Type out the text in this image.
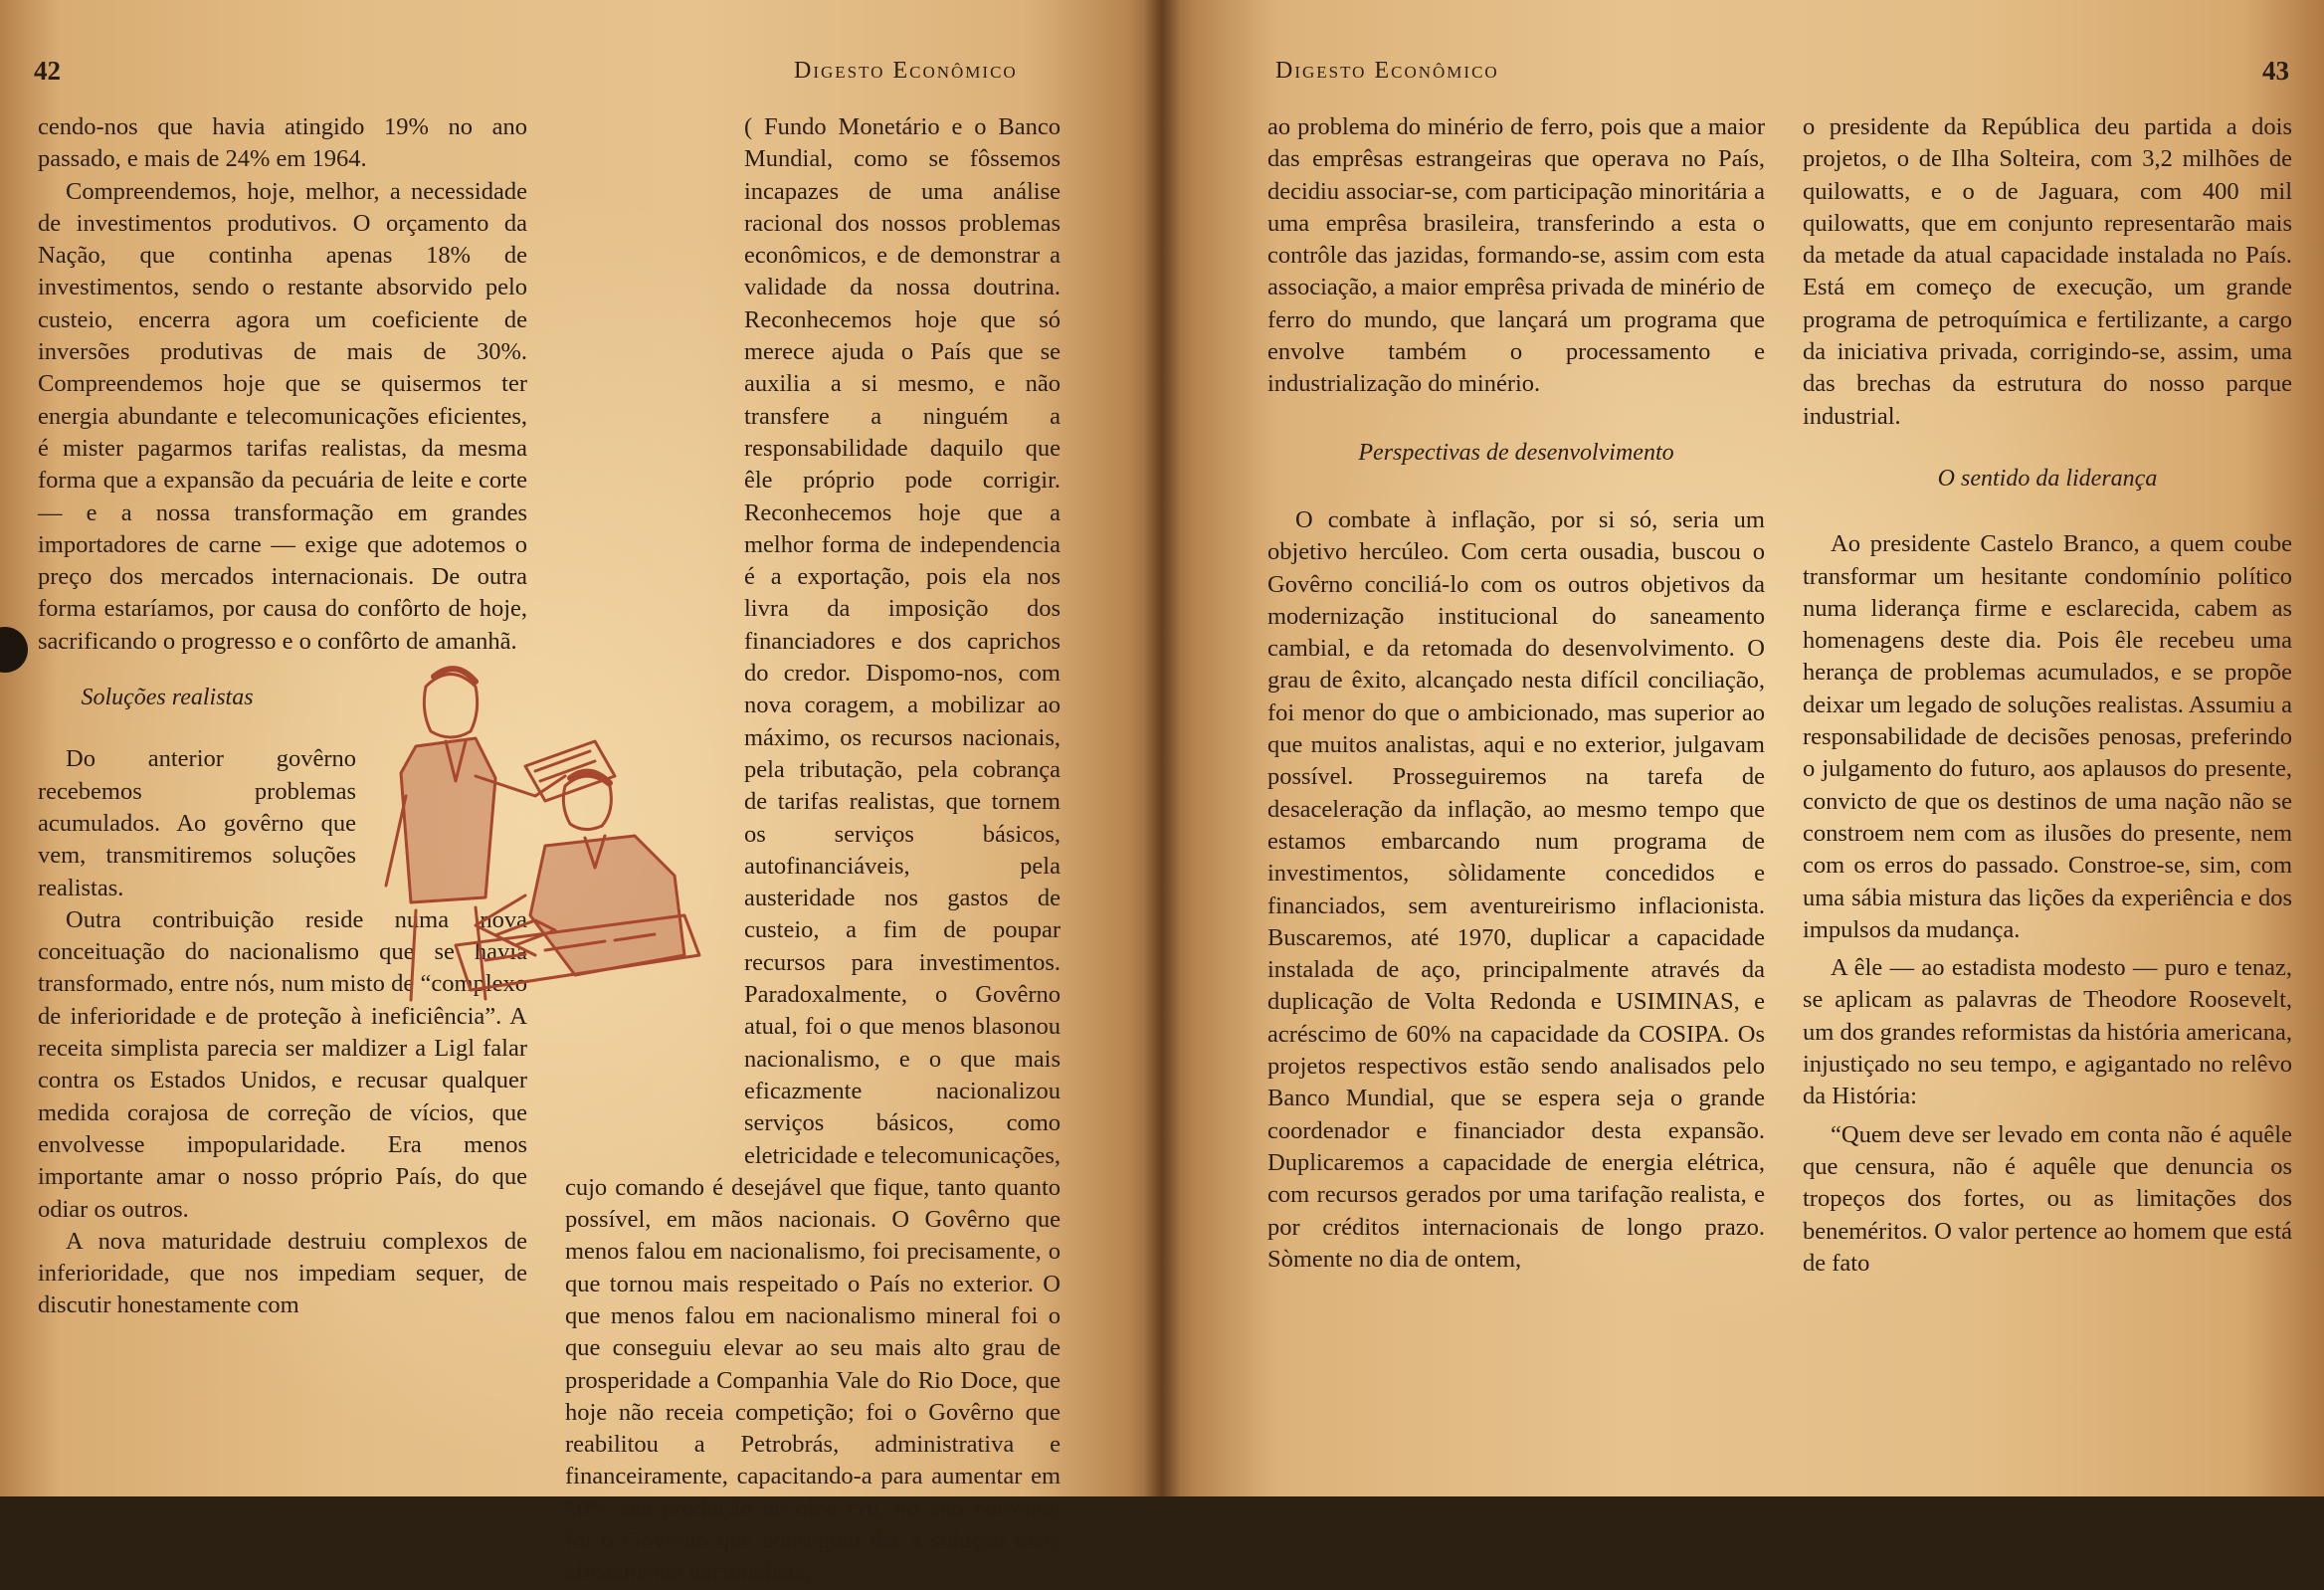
42	Digesto Econômico

cendo-nos que havia atingido 19% no ano passado, e mais de 24% em 1964.

Compreendemos, hoje, melhor, a necessidade de investimentos produtivos. O orçamento da Nação, que continha apenas 18% de investimentos, sendo o restante absorvido pelo custeio, encerra agora um coeficiente de inversões produtivas de mais de 30%. Compreendemos hoje que se quisermos ter energia abundante e telecomunicações eficientes, é mister pagarmos tarifas realistas, da mesma forma que a expansão da pecuária de leite e corte — e a nossa transformação em grandes importadores de carne — exige que adotemos o preço dos mercados internacionais. De outra forma estaríamos, por causa do confôrto de hoje, sacrificando o progresso e o confôrto de amanhã.

Soluções realistas

Do anterior govêrno recebemos problemas acumulados. Ao govêrno que vem, transmitiremos soluções realistas.

Outra contribuição reside numa nova conceituação do nacionalismo que se havia transformado, entre nós, num misto de “complexo de inferioridade e de proteção à ineficiência”. A receita simplista parecia ser maldizer a Ligl falar contra os Estados Unidos, e recusar qualquer medida corajosa de correção de vícios, que envolvesse impopularidade. Era menos importante amar o nosso próprio País, do que odiar os outros.

A nova maturidade destruiu complexos de inferioridade, que nos impediam sequer, de discutir honestamente com

( Fundo Monetário e o Banco Mundial, como se fôssemos incapazes de uma análise racional dos nossos problemas econômicos, e de demonstrar a validade da nossa doutrina. Reconhecemos hoje que só merece ajuda o País que se auxilia a si mesmo, e não transfere a ninguém a responsabilidade daquilo que êle próprio pode corrigir. Reconhecemos hoje que a melhor forma de independencia é a exportação, pois ela nos livra da imposição dos financiadores e dos caprichos do credor. Dispomo-nos, com nova coragem, a mobilizar ao máximo, os recursos nacionais, pela tributação, pela cobrança de tarifas realistas, que tornem os serviços básicos, autofinanciáveis, pela austeridade nos gastos de custeio, a fim de poupar recursos para investimentos. Paradoxalmente, o Govêrno atual, foi o que menos blasonou nacionalismo, e o que mais eficazmente nacionalizou serviços básicos, como eletricidade e telecomunicações, cujo comando é desejável que fique, tanto quanto possível, em mãos nacionais. O Govêrno que menos falou em nacionalismo, foi precisamente, o que tornou mais respeitado o País no exterior. O que menos falou em nacionalismo mineral foi o que conseguiu elevar ao seu mais alto grau de prosperidade a Companhia Vale do Rio Doce, que hoje não receia competição; foi o Govêrno que reabilitou a Petrobrás, administrativa e financeiramente, capacitando-a para aumentar em 50% sua produção de óleo cru, no ano corrente; foi o Govêrno que conseguiu dar a solução mais eficazmente nacionalista,

Digesto Econômico	43

ao problema do minério de ferro, pois que a maior das emprêsas estrangeiras que operava no País, decidiu associar-se, com participação minoritária a uma emprêsa brasileira, transferindo a esta o contrôle das jazidas, formando-se, assim com esta associação, a maior emprêsa privada de minério de ferro do mundo, que lançará um programa que envolve também o processamento e industrialização do minério.

Perspectivas de desenvolvimento

O combate à inflação, por si só, seria um objetivo hercúleo. Com certa ousadia, buscou o Govêrno conciliá-lo com os outros objetivos da modernização institucional do saneamento cambial, e da retomada do desenvolvimento. O grau de êxito, alcançado nesta difícil conciliação, foi menor do que o ambicionado, mas superior ao que muitos analistas, aqui e no exterior, julgavam possível. Prosseguiremos na tarefa de desaceleração da inflação, ao mesmo tempo que estamos embarcando num programa de investimentos, sòlidamente concedidos e financiados, sem aventureirismo inflacionista. Buscaremos, até 1970, duplicar a capacidade instalada de aço, principalmente através da duplicação de Volta Redonda e USIMINAS, e acréscimo de 60% na capacidade da COSIPA. Os projetos respectivos estão sendo analisados pelo Banco Mundial, que se espera seja o grande coordenador e financiador desta expansão. Duplicaremos a capacidade de energia elétrica, com recursos gerados por uma tarifação realista, e por créditos internacionais de longo prazo. Sòmente no dia de ontem,

o presidente da República deu partida a dois projetos, o de Ilha Solteira, com 3,2 milhões de quilowatts, e o de Jaguara, com 400 mil quilowatts, que em conjunto representarão mais da metade da atual capacidade instalada no País. Está em começo de execução, um grande programa de petroquímica e fertilizante, a cargo da iniciativa privada, corrigindo-se, assim, uma das brechas da estrutura do nosso parque industrial.

O sentido da liderança

Ao presidente Castelo Branco, a quem coube transformar um hesitante condomínio político numa liderança firme e esclarecida, cabem as homenagens deste dia. Pois êle recebeu uma herança de problemas acumulados, e se propõe deixar um legado de soluções realistas. Assumiu a responsabilidade de decisões penosas, preferindo o julgamento do futuro, aos aplausos do presente, convicto de que os destinos de uma nação não se constroem nem com as ilusões do presente, nem com os erros do passado. Constroe-se, sim, com uma sábia mistura das lições da experiência e dos impulsos da mudança.

A êle — ao estadista modesto — puro e tenaz, se aplicam as palavras de Theodore Roosevelt, um dos grandes reformistas da história americana, injustiçado no seu tempo, e agigantado no relêvo da História:

“Quem deve ser levado em conta não é aquêle que censura, não é aquêle que denuncia os tropeços dos fortes, ou as limitações dos beneméritos. O valor pertence ao homem que está de fato
